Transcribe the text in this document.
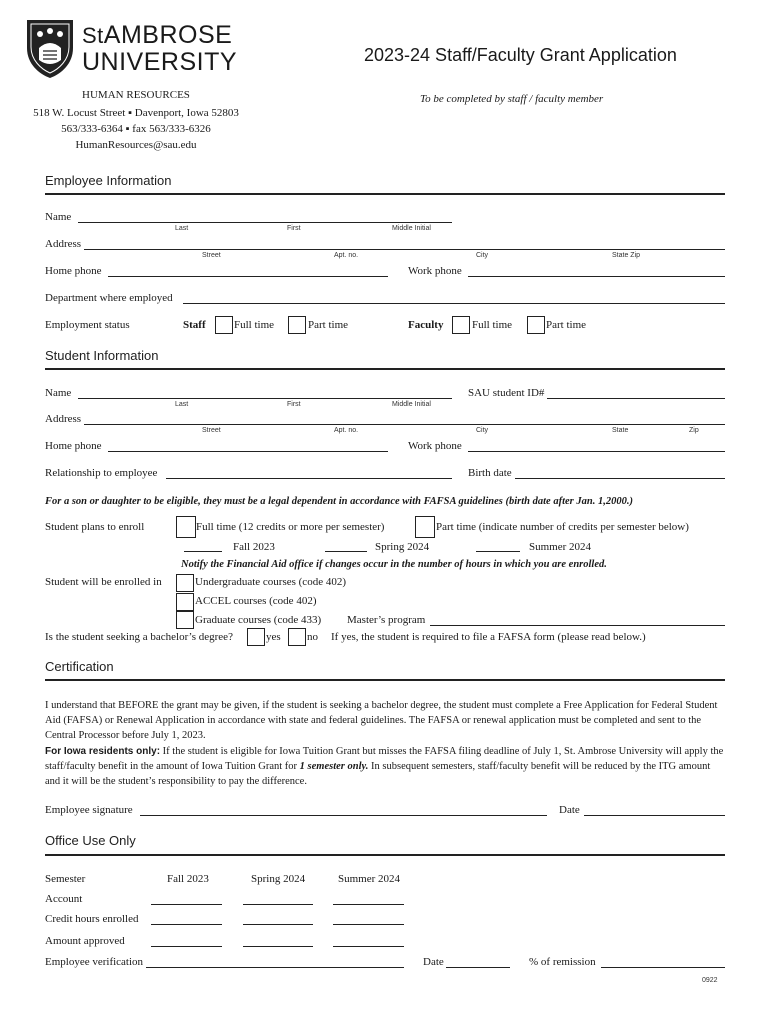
StAMBROSE
UNIVERSITY
HUMAN RESOURCES
518 W. Locust Street ▪ Davenport, Iowa 52803
563/333-6364 ▪ fax 563/333-6326
HumanResources@sau.edu
2023-24 Staff/Faculty Grant Application
To be completed by staff / faculty member
Employee Information
Name
Last	First	Middle Initial
Address
Street	Apt. no.	City	State Zip
Home phone	Work phone
Department where employed
Employment status	Staff	Full time	Part time	Faculty	Full time	Part time
Student Information
Name
Last	First	Middle Initial
SAU student ID#
Address
Street	Apt. no.	City	State	Zip
Home phone	Work phone
Relationship to employee	Birth date
For a son or daughter to be eligible, they must be a legal dependent in accordance with FAFSA guidelines (birth date after Jan. 1,2000.)
Student plans to enroll	Full time (12 credits or more per semester)	Part time (indicate number of credits per semester below)
Fall 2023	Spring 2024	Summer 2024
Notify the Financial Aid office if changes occur in the number of hours in which you are enrolled.
Student will be enrolled in	Undergraduate courses (code 402)
ACCEL courses (code 402)
Graduate courses (code 433) Master’s program
Is the student seeking a bachelor’s degree?	yes no If yes, the student is required to file a FAFSA form (please read below.)
Certification
I understand that BEFORE the grant may be given, if the student is seeking a bachelor degree, the student must complete a Free Application for Federal Student Aid (FAFSA) or Renewal Application in accordance with state and federal guidelines. The FAFSA or renewal application must be completed and sent to the Central Processor before July 1, 2023.
For Iowa residents only: If the student is eligible for Iowa Tuition Grant but misses the FAFSA filing deadline of July 1, St. Ambrose University will apply the staff/faculty benefit in the amount of Iowa Tuition Grant for 1 semester only. In subsequent semesters, staff/faculty benefit will be reduced by the ITG amount and it will be the student’s responsibility to pay the difference.
Employee signature	Date
Office Use Only
Semester	Fall 2023	Spring 2024	Summer 2024
Account
Credit hours enrolled
Amount approved
Employee verification	Date	% of remission
0922
